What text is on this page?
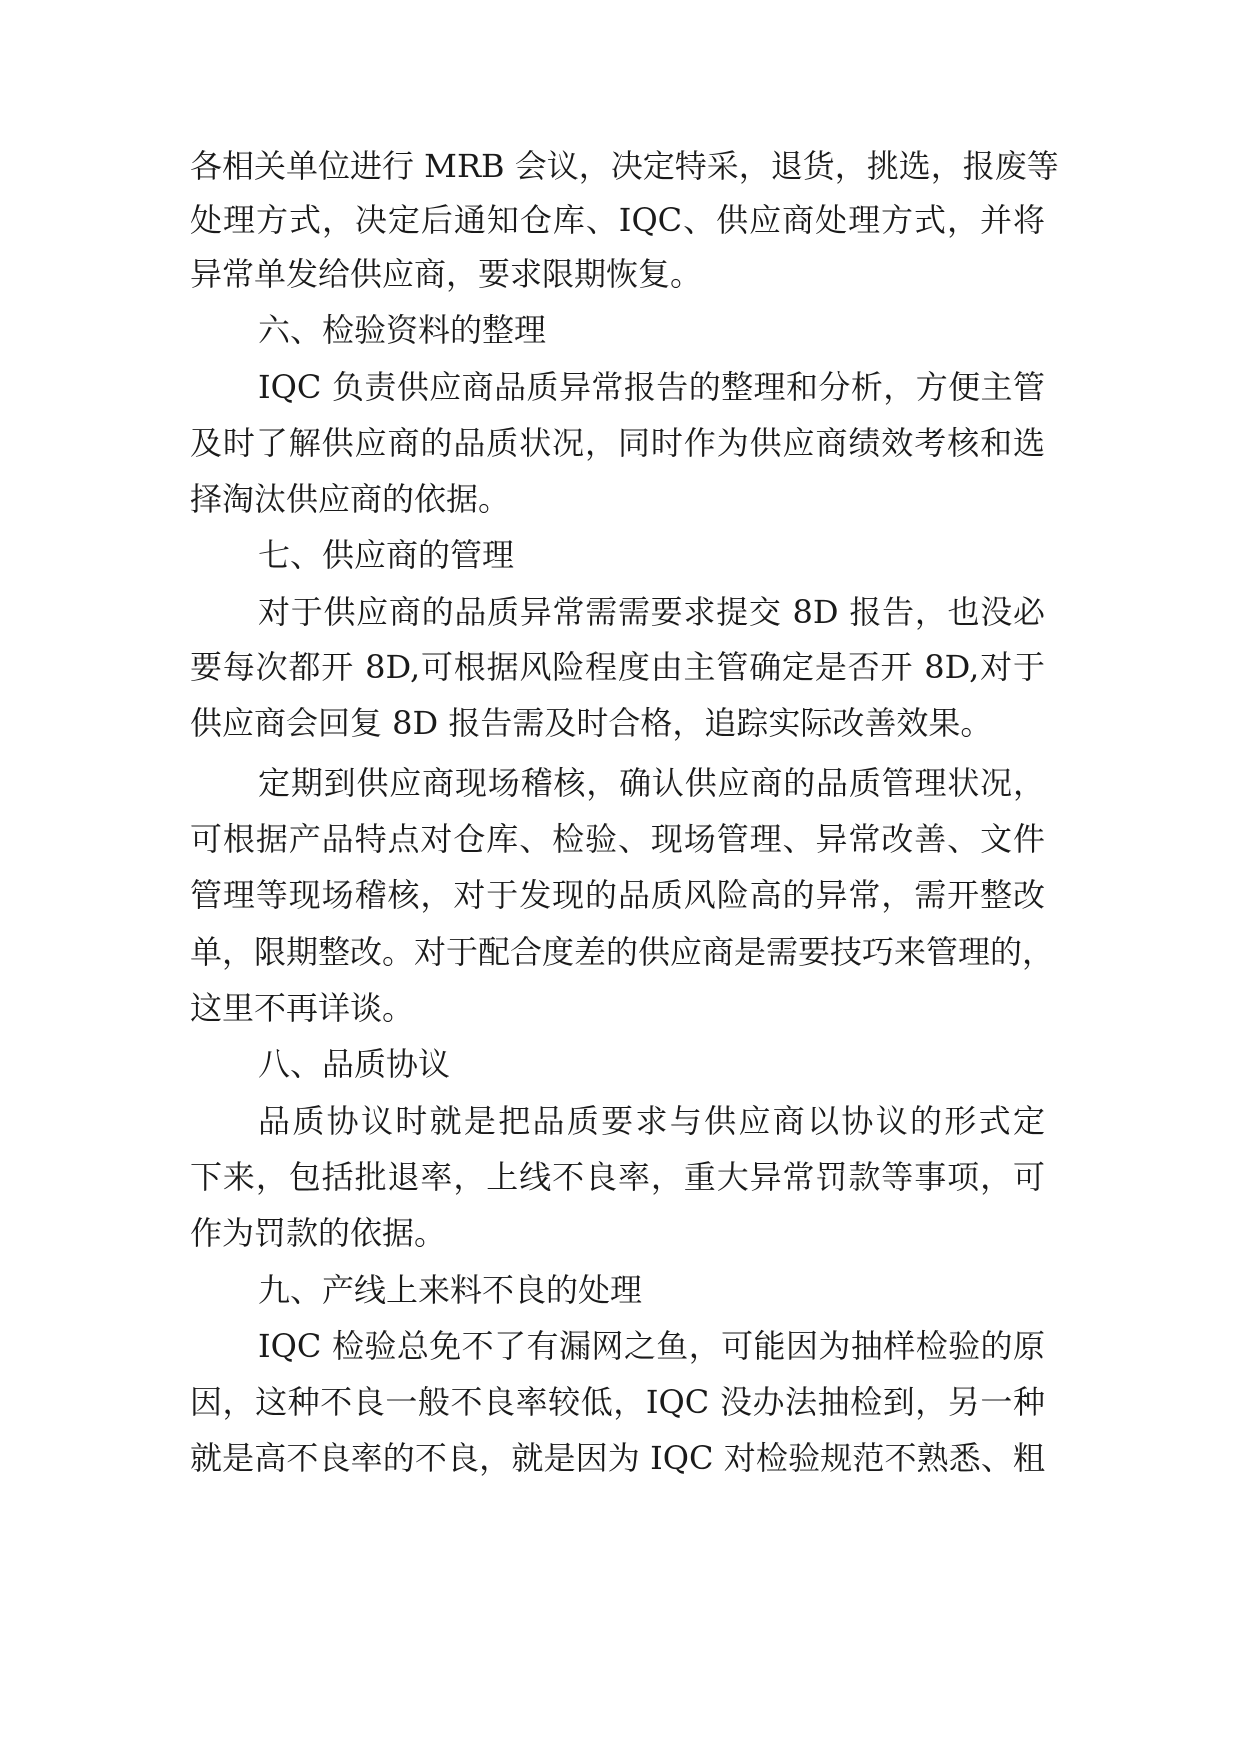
各相关单位进行 MRB 会议，决定特采，退货，挑选，报废等
处理方式，决定后通知仓库、IQC、供应商处理方式，并将
异常单发给供应商，要求限期恢复。
六、检验资料的整理
IQC 负责供应商品质异常报告的整理和分析，方便主管
及时了解供应商的品质状况，同时作为供应商绩效考核和选
择淘汰供应商的依据。
七、供应商的管理
对于供应商的品质异常需需要求提交 8D 报告，也没必
要每次都开 8D,可根据风险程度由主管确定是否开 8D,对于
供应商会回复 8D 报告需及时合格，追踪实际改善效果。
定期到供应商现场稽核，确认供应商的品质管理状况，
可根据产品特点对仓库、检验、现场管理、异常改善、文件
管理等现场稽核，对于发现的品质风险高的异常，需开整改
单，限期整改。对于配合度差的供应商是需要技巧来管理的，
这里不再详谈。
八、品质协议
品质协议时就是把品质要求与供应商以协议的形式定
下来，包括批退率，上线不良率，重大异常罚款等事项，可
作为罚款的依据。
九、产线上来料不良的处理
IQC 检验总免不了有漏网之鱼，可能因为抽样检验的原
因，这种不良一般不良率较低，IQC 没办法抽检到，另一种
就是高不良率的不良，就是因为 IQC 对检验规范不熟悉、粗
